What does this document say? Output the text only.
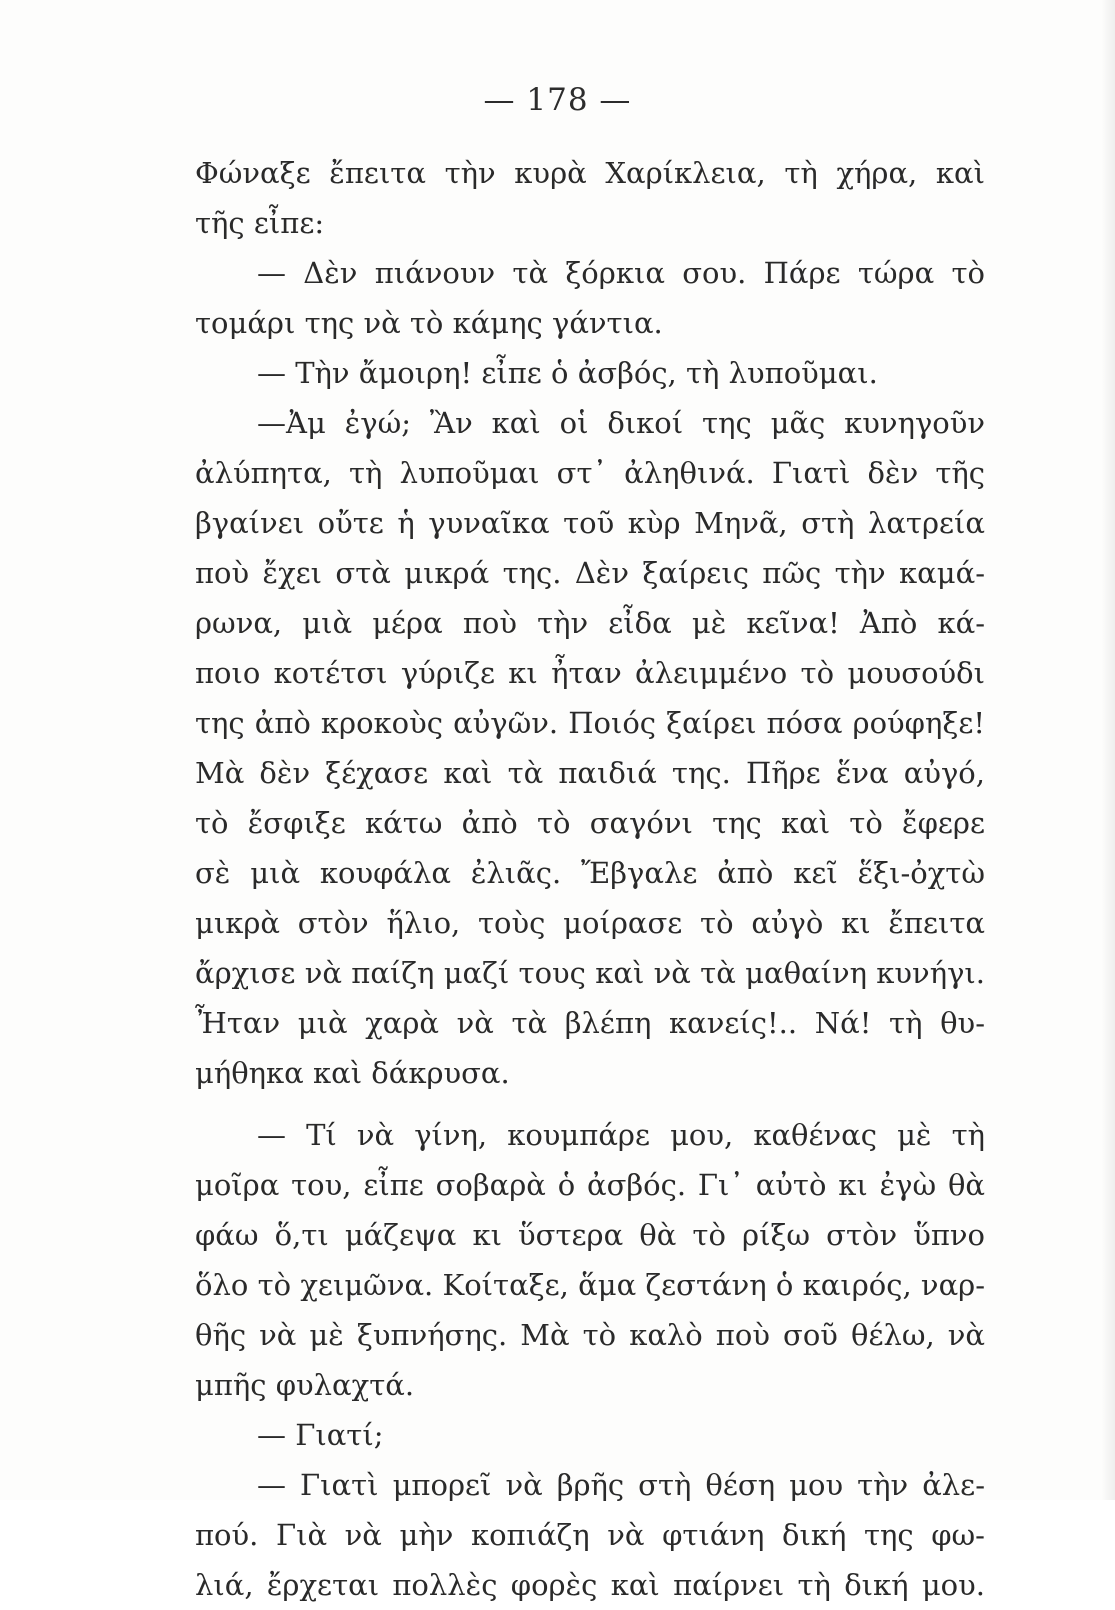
— 178 —
Φώναξε ἔπειτα τὴν κυρὰ Χαρίκλεια, τὴ χήρα, καὶ
τῆς εἶπε:
— Δὲν πιάνουν τὰ ξόρκια σου. Πάρε τώρα τὸ
τομάρι της νὰ τὸ κάμης γάντια.
— Τὴν ἄμοιρη! εἶπε ὁ ἀσβός, τὴ λυποῦμαι.
—Ἀμ ἐγώ; Ἂν καὶ οἱ δικοί της μᾶς κυνηγοῦν
ἀλύπητα, τὴ λυποῦμαι στ᾿ ἀληθινά. Γιατὶ δὲν τῆς
βγαίνει οὔτε ἡ γυναῖκα τοῦ κὺρ Μηνᾶ, στὴ λατρεία
ποὺ ἔχει στὰ μικρά της. Δὲν ξαίρεις πῶς τὴν καμά-
ρωνα, μιὰ μέρα ποὺ τὴν εἶδα μὲ κεῖνα! Ἀπὸ κά-
ποιο κοτέτσι γύριζε κι ἦταν ἀλειμμένο τὸ μουσούδι
της ἀπὸ κροκοὺς αὐγῶν. Ποιός ξαίρει πόσα ρούφηξε!
Μὰ δὲν ξέχασε καὶ τὰ παιδιά της. Πῆρε ἕνα αὐγό,
τὸ ἔσφιξε κάτω ἀπὸ τὸ σαγόνι της καὶ τὸ ἔφερε
σὲ μιὰ κουφάλα ἐλιᾶς. Ἔβγαλε ἀπὸ κεῖ ἕξι-ὀχτὼ
μικρὰ στὸν ἥλιο, τοὺς μοίρασε τὸ αὐγὸ κι ἔπειτα
ἄρχισε νὰ παίζη μαζί τους καὶ νὰ τὰ μαθαίνη κυνήγι.
Ἦταν μιὰ χαρὰ νὰ τὰ βλέπη κανείς!.. Νά! τὴ θυ-
μήθηκα καὶ δάκρυσα.
— Τί νὰ γίνη, κουμπάρε μου, καθένας μὲ τὴ
μοῖρα του, εἶπε σοβαρὰ ὁ ἀσβός. Γι᾿ αὐτὸ κι ἐγὼ θὰ
φάω ὅ,τι μάζεψα κι ὕστερα θὰ τὸ ρίξω στὸν ὕπνο
ὅλο τὸ χειμῶνα. Κοίταξε, ἅμα ζεστάνη ὁ καιρός, ναρ-
θῆς νὰ μὲ ξυπνήσης. Μὰ τὸ καλὸ ποὺ σοῦ θέλω, νὰ
μπῆς φυλαχτά.
— Γιατί;
— Γιατὶ μπορεῖ νὰ βρῆς στὴ θέση μου τὴν ἀλε-
πού. Γιὰ νὰ μὴν κοπιάζη νὰ φτιάνη δική της φω-
λιά, ἔρχεται πολλὲς φορὲς καὶ παίρνει τὴ δική μου.
